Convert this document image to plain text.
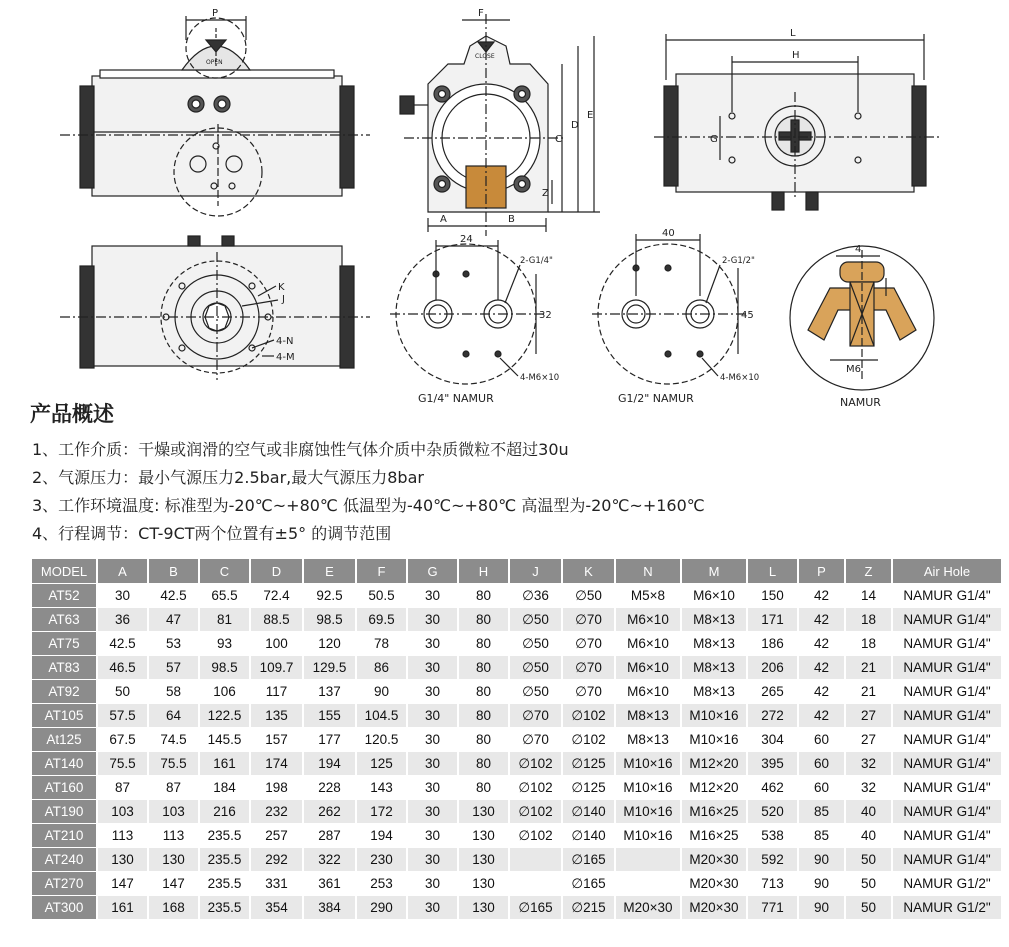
P
OPEN
F
CLOSE
L
H
G
C
D
E
Z
A	B
K
J
4-N
4-M
24
32
40
45
2-G1/4"	2-G1/2"
4-M6×10	4-M6×10
4
M6
G1/4" NAMUR	G1/2" NAMUR	NAMUR
产品概述
1、工作介质：干燥或润滑的空气或非腐蚀性气体介质中杂质微粒不超过30u
2、气源压力：最小气源压力2.5bar,最大气源压力8bar
3、工作环境温度: 标准型为-20℃~+80℃ 低温型为-40℃~+80℃ 高温型为-20℃~+160℃
4、行程调节：CT-9CT两个位置有±5° 的调节范围
MODEL	A	B	C	D	E	F	G	H	J	K	N	M	L	P	Z	Air Hole
AT52	30	42.5	65.5	72.4	92.5	50.5	30	80	∅36	∅50	M5×8	M6×10	150	42	14	NAMUR G1/4"
AT63	36	47	81	88.5	98.5	69.5	30	80	∅50	∅70	M6×10	M8×13	171	42	18	NAMUR G1/4"
AT75	42.5	53	93	100	120	78	30	80	∅50	∅70	M6×10	M8×13	186	42	18	NAMUR G1/4"
AT83	46.5	57	98.5	109.7	129.5	86	30	80	∅50	∅70	M6×10	M8×13	206	42	21	NAMUR G1/4"
AT92	50	58	106	117	137	90	30	80	∅50	∅70	M6×10	M8×13	265	42	21	NAMUR G1/4"
AT105	57.5	64	122.5	135	155	104.5	30	80	∅70	∅102	M8×13	M10×16	272	42	27	NAMUR G1/4"
At125	67.5	74.5	145.5	157	177	120.5	30	80	∅70	∅102	M8×13	M10×16	304	60	27	NAMUR G1/4"
AT140	75.5	75.5	161	174	194	125	30	80	∅102	∅125	M10×16	M12×20	395	60	32	NAMUR G1/4"
AT160	87	87	184	198	228	143	30	80	∅102	∅125	M10×16	M12×20	462	60	32	NAMUR G1/4"
AT190	103	103	216	232	262	172	30	130	∅102	∅140	M10×16	M16×25	520	85	40	NAMUR G1/4"
AT210	113	113	235.5	257	287	194	30	130	∅102	∅140	M10×16	M16×25	538	85	40	NAMUR G1/4"
AT240	130	130	235.5	292	322	230	30	130		∅165		M20×30	592	90	50	NAMUR G1/4"
AT270	147	147	235.5	331	361	253	30	130		∅165		M20×30	713	90	50	NAMUR G1/2"
AT300	161	168	235.5	354	384	290	30	130	∅165	∅215	M20×30	M20×30	771	90	50	NAMUR G1/2"
